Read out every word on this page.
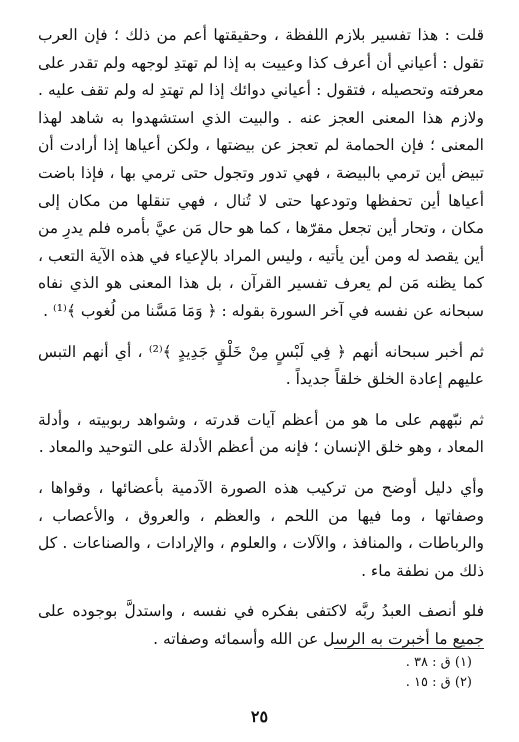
قلت : هذا تفسير بلازم اللفظة ، وحقيقتها أعم من ذلك ؛ فإن العرب تقول : أعياني أن أعرف كذا وعييت به إذا لم تهتدِ لوجهه ولم تقدر على معرفته وتحصيله ، فتقول : أعياني دوائك إذا لم تهتدِ له ولم تقف عليه . ولازم هذا المعنى العجز عنه . والبيت الذي استشهدوا به شاهد لهذا المعنى ؛ فإن الحمامة لم تعجز عن بيضتها ، ولكن أعياها إذا أرادت أن تبيض أين ترمي بالبيضة ، فهي تدور وتجول حتى ترمي بها ، فإذا باضت أعياها أين تحفظها وتودعها حتى لا تُنال ، فهي تنقلها من مكان إلى مكان ، وتحار أين تجعل مقرّها ، كما هو حال مَن عيَّ بأمره فلم يدرِ من أين يقصد له ومن أين يأتيه ، وليس المراد بالإعياء في هذه الآية التعب ، كما يظنه مَن لم يعرف تفسير القرآن ، بل هذا المعنى هو الذي نفاه سبحانه عن نفسه في آخر السورة بقوله : ﴿ وَمَا مَسَّنا من لُغوب ﴾⁽¹⁾ .

ثم أخبر سبحانه أنهم ﴿ فِي لَبْسٍ مِنْ خَلْقٍ جَدِيدٍ ﴾⁽²⁾ ، أي أنهم التبس عليهم إعادة الخلق خلقاً جديداً .

ثم نبّههم على ما هو من أعظم آيات قدرته ، وشواهد ربوبيته ، وأدلة المعاد ، وهو خلق الإنسان ؛ فإنه من أعظم الأدلة على التوحيد والمعاد .

وأي دليل أوضح من تركيب هذه الصورة الآدمية بأعضائها ، وقواها ، وصفاتها ، وما فيها من اللحم ، والعظم ، والعروق ، والأعصاب ، والرباطات ، والمنافذ ، والآلات ، والعلوم ، والإرادات ، والصناعات . كل ذلك من نطفة ماء .

فلو أنصف العبدُ ربَّه لاكتفى بفكره في نفسه ، واستدلَّ بوجوده على جميع ما أخبرت به الرسل عن الله وأسمائه وصفاته .

(١) ق : ٣٨ .

(٢) ق : ١٥ .

٢٥
